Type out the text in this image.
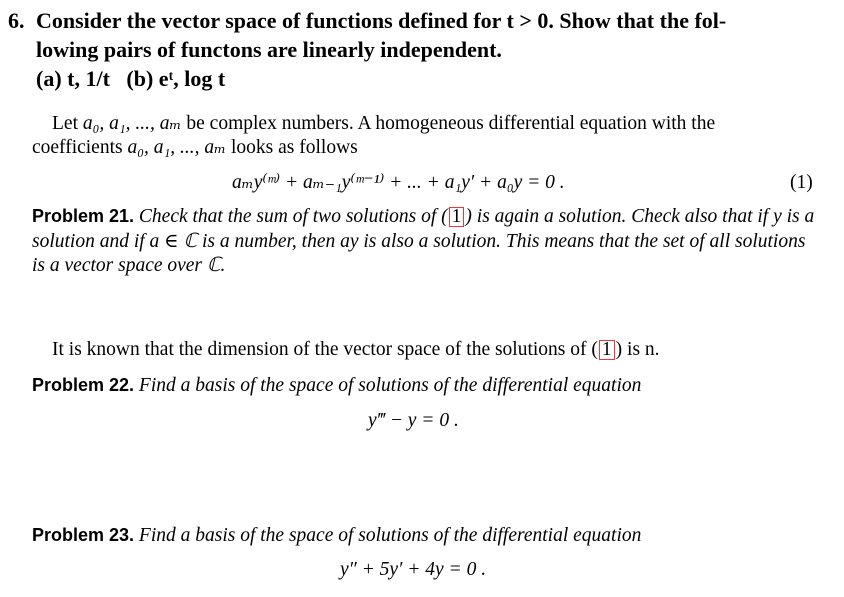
6. Consider the vector space of functions defined for t > 0. Show that the fol-
lowing pairs of functons are linearly independent.
(a) t, 1/t   (b) eᵗ, log t
Let a₀, a₁, ..., aₘ be complex numbers. A homogeneous differential equation with the
coefficients a₀, a₁, ..., aₘ looks as follows
aₘy⁽ᵐ⁾ + aₘ₋₁y⁽ᵐ⁻¹⁾ + ... + a₁y′ + a₀y = 0 .	(1)
Problem 21. Check that the sum of two solutions of ( 1 ) is again a solution. Check also that if y is a solution and if a ∈ ℂ is a number, then ay is also a solution. This means that the set of all solutions is a vector space over ℂ.
It is known that the dimension of the vector space of the solutions of ( 1 ) is n.
Problem 22. Find a basis of the space of solutions of the differential equation
y‴ − y = 0 .
Problem 23. Find a basis of the space of solutions of the differential equation
y″ + 5y′ + 4y = 0 .
